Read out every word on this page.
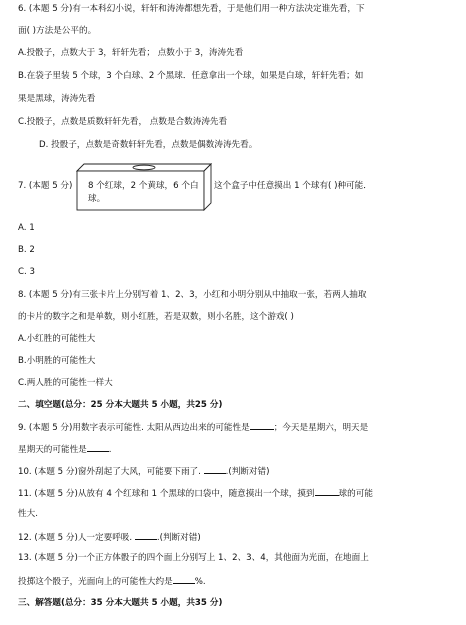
6. (本题 5 分)有一本科幻小说，轩轩和涛涛都想先看，于是他们用一种方法决定谁先看，下
面( )方法是公平的。
A.投骰子，点数大于 3，轩轩先看； 点数小于 3，涛涛先看
B.在袋子里装 5 个球，3 个白球、2 个黑球．任意拿出一个球，如果是白球，轩轩先看；如
果是黑球，涛涛先看
C.投骰子，点数是质数轩轩先看， 点数是合数涛涛先看
D. 投骰子，点数是奇数轩轩先看，点数是偶数涛涛先看。
7. (本题 5 分) 8 个红球，2 个黄球，6 个白球。
这个盒子中任意摸出 1 个球有( )种可能．
A. 1
B. 2
C. 3
8. (本题 5 分)有三张卡片上分别写着 1、2、3，小红和小明分别从中抽取一张，若两人抽取
的卡片的数字之和是单数，则小红胜，若是双数，则小名胜，这个游戏( )
A.小红胜的可能性大
B.小明胜的可能性大
C.两人胜的可能性一样大
二、填空题(总分：25 分本大题共 5 小题，共25 分)
9. (本题 5 分)用数字表示可能性. 太阳从西边出来的可能性是	；今天是星期六，明天是
星期天的可能性是	.
10. (本题 5 分)窗外刮起了大风，可能要下雨了.	.(判断对错)
11. (本题 5 分)从放有 4 个红球和 1 个黑球的口袋中，随意摸出一个球，摸到	球的可能
性大.
12. (本题 5 分)人一定要呼吸.	.(判断对错)
13. (本题 5 分)一个正方体骰子的四个面上分别写上 1、2、3、4，其他面为光面，在地面上
投掷这个骰子，光面向上的可能性大约是	%.
三、解答题(总分：35 分本大题共 5 小题，共35 分)
